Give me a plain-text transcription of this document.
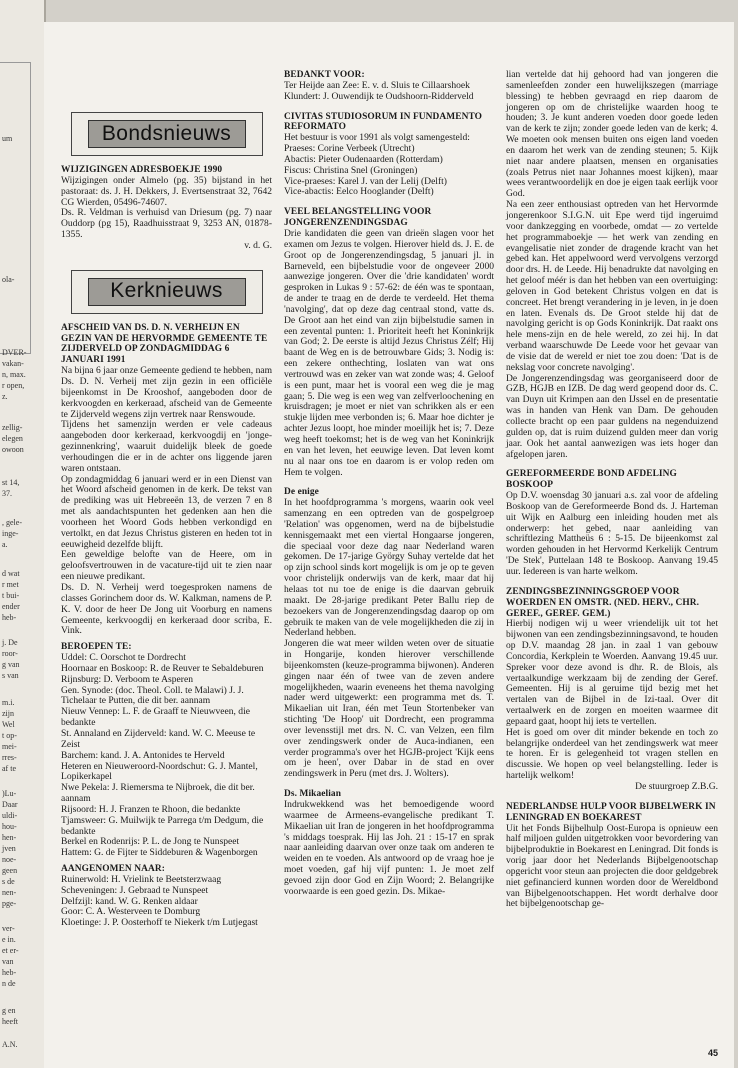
um
ola-
DVER-
vakan-
n, max.
r open,
z.
zellig-
elegen
owoon
st 14,
37.
, gele-
inge-
a.
d wat
r met
t bui-
ender
heb-
j. De
roor-
g van
s van
m.i.
zijn
Wel
t op-
mei-
rres-
af te
)Lu-
Daar
uldi-
hou-
hen-
jven
noe-
geen
s de
nen-
pge-
ver-
e in.
et er-
van
heb-
n de
g en
heeft
A.N.
Bondsnieuws

WIJZIGINGEN ADRESBOEKJE 1990

Wijzigingen onder Almelo (pg. 35) bijstand in het pastoraat: ds. J. H. Dekkers, J. Evertsenstraat 32, 7642 CG Wierden, 05496-74607.

Ds. R. Veldman is verhuisd van Driesum (pg. 7) naar Ouddorp (pg 15), Raadhuisstraat 9, 3253 AN, 01878-1355.

v. d. G.

Kerknieuws

AFSCHEID VAN DS. D. N. VERHEIJN EN GEZIN VAN DE HERVORMDE GEMEENTE TE ZIJDERVELD OP ZONDAGMIDDAG 6 JANUARI 1991

Na bijna 6 jaar onze Gemeente gediend te hebben, nam Ds. D. N. Verheij met zijn gezin in een officiële bijeenkomst in De Krooshof, aangeboden door de kerkvoogden en kerkeraad, afscheid van de Gemeente te Zijderveld wegens zijn vertrek naar Renswoude.

Tijdens het samenzijn werden er vele cadeaus aangeboden door kerkeraad, kerkvoogdij en 'jonge-gezinnenkring', waaruit duidelijk bleek de goede verhoudingen die er in de achter ons liggende jaren waren ontstaan.

Op zondagmiddag 6 januari werd er in een Dienst van het Woord afscheid genomen in de kerk. De tekst van de prediking was uit Hebreeën 13, de verzen 7 en 8 met als aandachtspunten het gedenken aan hen die voorheen het Woord Gods hebben verkondigd en vertolkt, en dat Jezus Christus gisteren en heden tot in eeuwigheid dezelfde blijft.

Een geweldige belofte van de Heere, om in geloofsvertrouwen in de vacature-tijd uit te zien naar een nieuwe predikant.

Ds. D. N. Verheij werd toegesproken namens de classes Gorinchem door ds. W. Kalkman, namens de P. K. V. door de heer De Jong uit Voorburg en namens Gemeente, kerkvoogdij en kerkeraad door scriba, E. Vink.

BEROEPEN TE:

Uddel: C. Oorschot te Dordrecht

Hoornaar en Boskoop: R. de Reuver te Sebaldeburen

Rijnsburg: D. Verboom te Asperen

Gen. Synode: (doc. Theol. Coll. te Malawi) J. J. Tichelaar te Putten, die dit ber. aannam

Nieuw Vennep: L. F. de Graaff te Nieuwveen, die bedankte

St. Annaland en Zijderveld: kand. W. C. Meeuse te Zeist

Barchem: kand. J. A. Antonides te Herveld

Heteren en Nieuweroord-Noordschut: G. J. Mantel, Lopikerkapel

Nwe Pekela: J. Riemersma te Nijbroek, die dit ber. aannam

Rijsoord: H. J. Franzen te Rhoon, die bedankte

Tjamsweer: G. Muilwijk te Parrega t/m Dedgum, die bedankte

Berkel en Rodenrijs: P. L. de Jong te Nunspeet

Hattem: G. de Fijter te Siddeburen & Wagenborgen

AANGENOMEN NAAR:

Ruinerwold: H. Vrielink te Beetsterzwaag

Scheveningen: J. Gebraad te Nunspeet

Delfzijl: kand. W. G. Renken aldaar

Goor: C. A. Westerveen te Domburg

Kloetinge: J. P. Oosterhoff te Niekerk t/m Lutjegast

BEDANKT VOOR:

Ter Heijde aan Zee: E. v. d. Sluis te Cillaarshoek

Klundert: J. Ouwendijk te Oudshoorn-Ridderveld

CIVITAS STUDIOSORUM IN FUNDAMENTO REFORMATO

Het bestuur is voor 1991 als volgt samengesteld:

Praeses: Corine Verbeek (Utrecht)

Abactis: Pieter Oudenaarden (Rotterdam)

Fiscus: Christina Snel (Groningen)

Vice-praeses: Karel J. van der Lelij (Delft)

Vice-abactis: Eelco Hooglander (Delft)

VEEL BELANGSTELLING VOOR JONGERENZENDINGSDAG

Drie kandidaten die geen van drieën slagen voor het examen om Jezus te volgen. Hierover hield ds. J. E. de Groot op de Jongerenzendingsdag, 5 januari jl. in Barneveld, een bijbelstudie voor de ongeveer 2000 aanwezige jongeren. Over die 'drie kandidaten' wordt gesproken in Lukas 9 : 57-62: de één was te spontaan, de ander te traag en de derde te verdeeld. Het thema 'navolging', dat op deze dag centraal stond, vatte ds. De Groot aan het eind van zijn bijbelstudie samen in een zevental punten: 1. Prioriteit heeft het Koninkrijk van God; 2. De eerste is altijd Jezus Christus Zélf; Hij baant de Weg en is de betrouwbare Gids; 3. Nodig is: een zekere onthechting, loslaten van wat ons vertrouwd was en zeker van wat zonde was; 4. Geloof is een punt, maar het is vooral een weg die je mag gaan; 5. Die weg is een weg van zelfverloochening en kruisdragen; je moet er niet van schrikken als er een stukje lijden mee verbonden is; 6. Maar hoe dichter je achter Jezus loopt, hoe minder moeilijk het is; 7. Deze weg heeft toekomst; het is de weg van het Koninkrijk en van het leven, het eeuwige leven. Dat leven komt nu al naar ons toe en daarom is er volop reden om Hem te volgen.

De enige

In het hoofdprogramma 's morgens, waarin ook veel samenzang en een optreden van de gospelgroep 'Relation' was opgenomen, werd na de bijbelstudie kennisgemaakt met een viertal Hongaarse jongeren, die speciaal voor deze dag naar Nederland waren gekomen. De 17-jarige György Suhay vertelde dat het op zijn school sinds kort mogelijk is om je op te geven voor christelijk onderwijs van de kerk, maar dat hij helaas tot nu toe de enige is die daarvan gebruik maakt. De 28-jarige predikant Peter Ballu riep de bezoekers van de Jongerenzendingsdag daarop op om gebruik te maken van de vele mogelijkheden die zij in Nederland hebben.

Jongeren die wat meer wilden weten over de situatie in Hongarije, konden hierover verschillende bijeenkomsten (keuze-programma bijwonen). Anderen gingen naar één of twee van de zeven andere mogelijkheden, waarin eveneens het thema navolging nader werd uitgewerkt: een programma met ds. T. Mikaelian uit Iran, één met Teun Stortenbeker van stichting 'De Hoop' uit Dordrecht, een programma over levensstijl met drs. N. C. van Velzen, een film over zendingswerk onder de Auca-indianen, een verder programma's over het HGJB-project 'Kijk eens om je heen', over Dabar in de stad en over zendingswerk in Peru (met drs. J. Wolters).

Ds. Mikaelian

Indrukwekkend was het bemoedigende woord waarmee de Armeens-evangelische predikant T. Mikaelian uit Iran de jongeren in het hoofdprogramma 's middags toesprak. Hij las Joh. 21 : 15-17 en sprak naar aanleiding daarvan over onze taak om anderen te weiden en te voeden. Als antwoord op de vraag hoe je moet voeden, gaf hij vijf punten: 1. Je moet zelf gevoed zijn door God en Zijn Woord; 2. Belangrijke voorwaarde is een goed gezin. Ds. Mikae-

lian vertelde dat hij gehoord had van jongeren die samenleefden zonder een huwelijkszegen (marriage blessing) te hebben gevraagd en riep daarom de jongeren op om de christelijke waarden hoog te houden; 3. Je kunt anderen voeden door goede leden van de kerk te zijn; zonder goede leden van de kerk; 4. We moeten ook mensen buiten ons eigen land voeden en daarom het werk van de zending steunen; 5. Kijk niet naar andere plaatsen, mensen en organisaties (zoals Petrus niet naar Johannes moest kijken), maar wees verantwoordelijk en doe je eigen taak eerlijk voor God.

Na een zeer enthousiast optreden van het Hervormde jongerenkoor S.I.G.N. uit Epe werd tijd ingeruimd voor dankzegging en voorbede, omdat — zo vertelde het programmaboekje — het werk van zending en evangelisatie niet zonder de dragende kracht van het gebed kan. Het appelwoord werd vervolgens verzorgd door drs. H. de Leede. Hij benadrukte dat navolging en het geloof méér is dan het hebben van een overtuiging: geloven in God betekent Christus volgen en dat is concreet. Het brengt verandering in je leven, in je doen en laten. Evenals ds. De Groot stelde hij dat de navolging gericht is op Gods Koninkrijk. Dat raakt ons hele mens-zijn en de hele wereld, zo zei hij. In dat verband waarschuwde De Leede voor het gevaar van de visie dat de wereld er niet toe zou doen: 'Dat is de nekslag voor concrete navolging'.

De Jongerenzendingsdag was georganiseerd door de GZB, HGJB en IZB. De dag werd geopend door ds. C. van Duyn uit Krimpen aan den IJssel en de presentatie was in handen van Henk van Dam. De gehouden collecte bracht op een paar guldens na negenduizend gulden op, dat is ruim duizend gulden meer dan vorig jaar. Ook het aantal aanwezigen was iets hoger dan afgelopen jaren.

GEREFORMEERDE BOND AFDELING BOSKOOP

Op D.V. woensdag 30 januari a.s. zal voor de afdeling Boskoop van de Gereformeerde Bond ds. J. Harteman uit Wijk en Aalburg een inleiding houden met als onderwerp: het gebed, naar aanleiding van schriftlezing Mattheüs 6 : 5-15. De bijeenkomst zal worden gehouden in het Hervormd Kerkelijk Centrum 'De Stek', Puttelaan 148 te Boskoop. Aanvang 19.45 uur. Iedereen is van harte welkom.

ZENDINGSBEZINNINGSGROEP VOOR WOERDEN EN OMSTR. (NED. HERV., CHR. GEREF., GEREF. GEM.)

Hierbij nodigen wij u weer vriendelijk uit tot het bijwonen van een zendingsbezinningsavond, te houden op D.V. maandag 28 jan. in zaal 1 van gebouw Concordia, Kerkplein te Woerden. Aanvang 19.45 uur. Spreker voor deze avond is dhr. R. de Blois, als vertaalkundige werkzaam bij de zending der Geref. Gemeenten. Hij is al geruime tijd bezig met het vertalen van de Bijbel in de Izi-taal. Over dit vertaalwerk en de zorgen en moeiten waarmee dit gepaard gaat, hoopt hij iets te vertellen.

Het is goed om over dit minder bekende en toch zo belangrijke onderdeel van het zendingswerk wat meer te horen. Er is gelegenheid tot vragen stellen en discussie. We hopen op veel belangstelling. Ieder is hartelijk welkom!

De stuurgroep Z.B.G.

NEDERLANDSE HULP VOOR BIJBELWERK IN LENINGRAD EN BOEKAREST

Uit het Fonds Bijbelhulp Oost-Europa is opnieuw een half miljoen gulden uitgetrokken voor bevordering van bijbelproduktie in Boekarest en Leningrad. Dit fonds is vorig jaar door het Nederlands Bijbelgenootschap opgericht voor steun aan projecten die door geldgebrek niet gefinancierd kunnen worden door de Wereldbond van Bijbelgenootschappen. Het wordt derhalve door het bijbelgenootschap ge-

45
